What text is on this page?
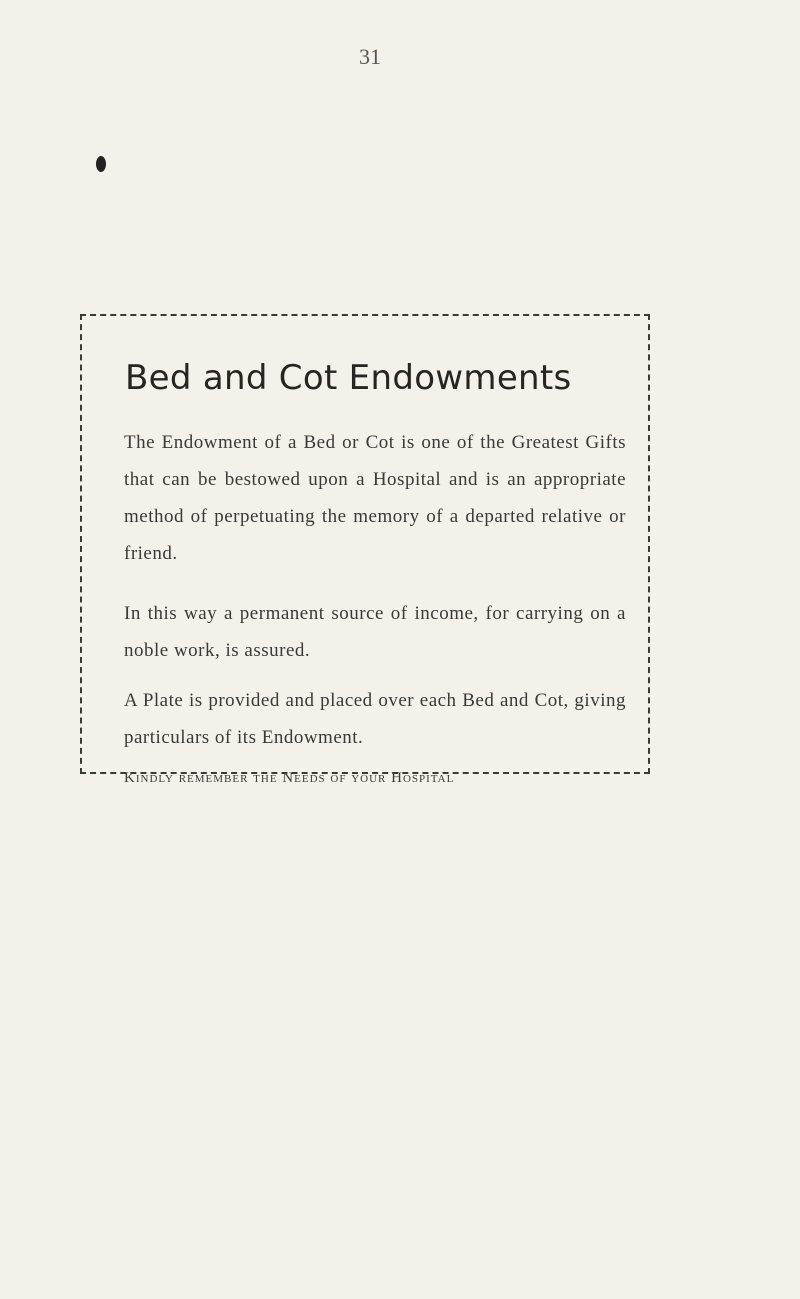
31
Bed and Cot Endowments

The Endowment of a Bed or Cot is one of the Greatest Gifts that can be bestowed upon a Hospital and is an appropriate method of perpetuating the memory of a departed relative or friend.

In this way a permanent source of income, for carrying on a noble work, is assured.

A Plate is provided and placed over each Bed and Cot, giving particulars of its Endowment.

Kindly remember the Needs of your Hospital
